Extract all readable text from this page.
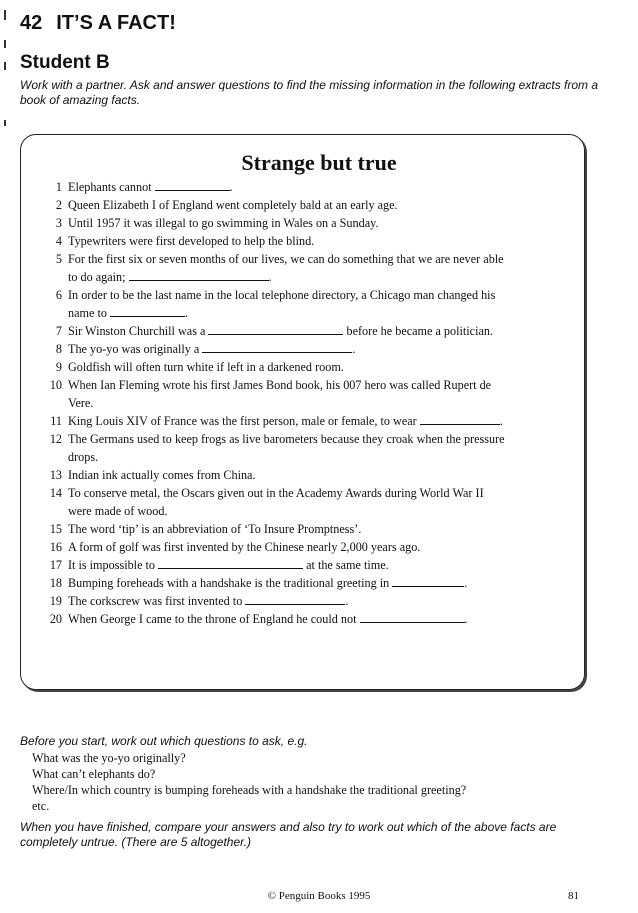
42 IT’S A FACT!
Student B
Work with a partner. Ask and answer questions to find the missing information in the following extracts from a book of amazing facts.
Strange but true
1 Elephants cannot	.
2 Queen Elizabeth I of England went completely bald at an early age.
3 Until 1957 it was illegal to go swimming in Wales on a Sunday.
4 Typewriters were first developed to help the blind.
5 For the first six or seven months of our lives, we can do something that we are never able
to do again;	.
6 In order to be the last name in the local telephone directory, a Chicago man changed his
name to	.
7 Sir Winston Churchill was a	before he became a politician.
8 The yo-yo was originally a	.
9 Goldfish will often turn white if left in a darkened room.
10 When Ian Fleming wrote his first James Bond book, his 007 hero was called Rupert de
Vere.
11 King Louis XIV of France was the first person, male or female, to wear	.
12 The Germans used to keep frogs as live barometers because they croak when the pressure
drops.
13 Indian ink actually comes from China.
14 To conserve metal, the Oscars given out in the Academy Awards during World War II
were made of wood.
15 The word ‘tip’ is an abbreviation of ‘To Insure Promptness’.
16 A form of golf was first invented by the Chinese nearly 2,000 years ago.
17 It is impossible to	at the same time.
18 Bumping foreheads with a handshake is the traditional greeting in	.
19 The corkscrew was first invented to	.
20 When George I came to the throne of England he could not	.
Before you start, work out which questions to ask, e.g.
What was the yo-yo originally?
What can’t elephants do?
Where/In which country is bumping foreheads with a handshake the traditional greeting?
etc.
When you have finished, compare your answers and also try to work out which of the above facts are completely untrue. (There are 5 altogether.)
© Penguin Books 1995	81
